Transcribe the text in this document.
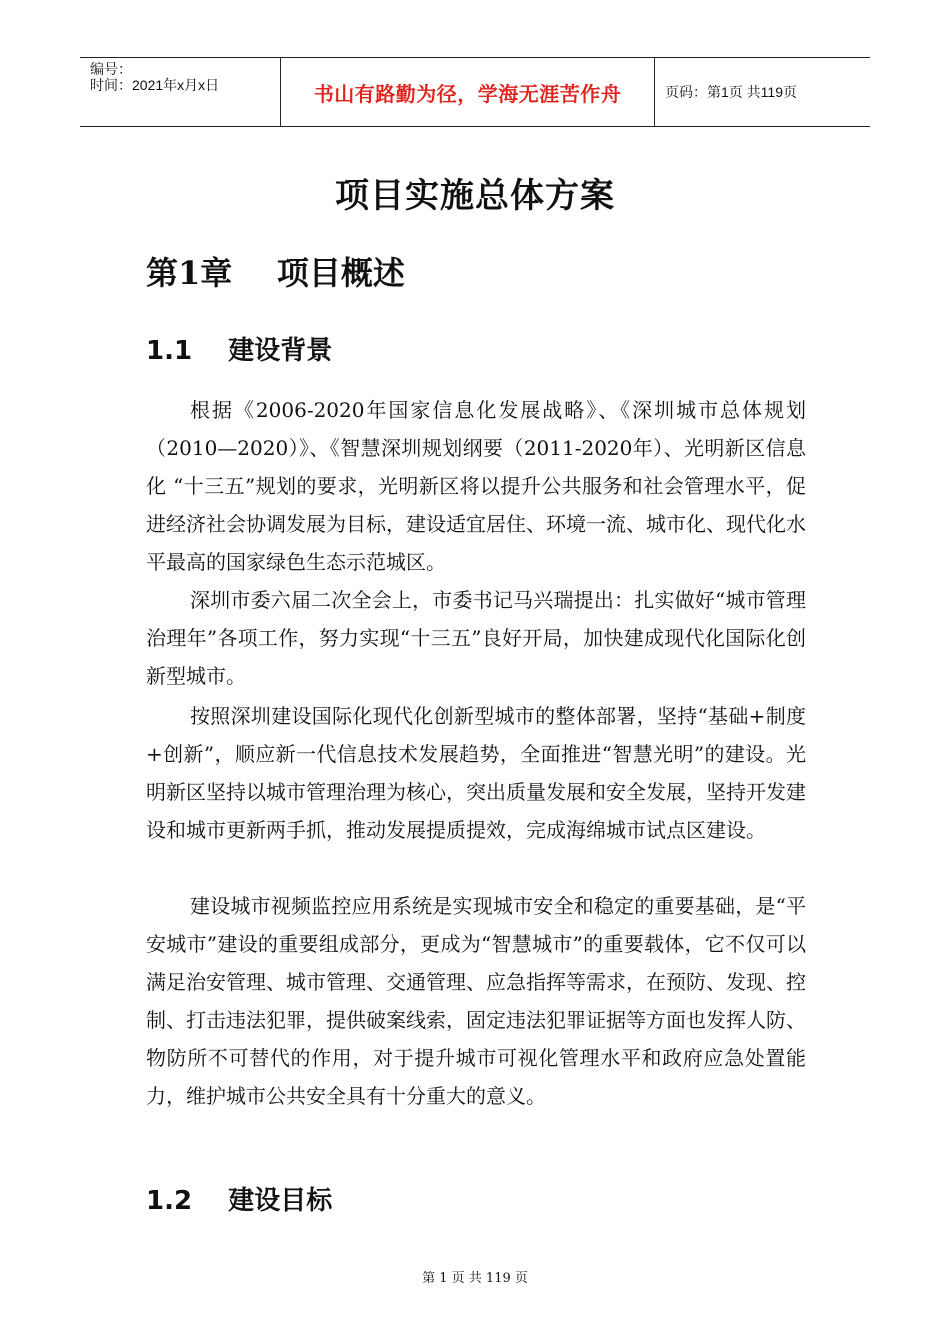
编号：
时间：2021年x月x日	书山有路勤为径，学海无涯苦作舟	页码：第1页 共119页
项目实施总体方案
第1章    项目概述
1.1    建设背景

根据《2006-2020年国家信息化发展战略》、《深圳城市总体规划（2010—2020）》、《智慧深圳规划纲要（2011-2020年）、光明新区信息化 “十三五”规划的要求，光明新区将以提升公共服务和社会管理水平，促进经济社会协调发展为目标，建设适宜居住、环境一流、城市化、现代化水平最高的国家绿色生态示范城区。

深圳市委六届二次全会上，市委书记马兴瑞提出：扎实做好“城市管理治理年”各项工作，努力实现“十三五”良好开局，加快建成现代化国际化创新型城市。

按照深圳建设国际化现代化创新型城市的整体部署，坚持“基础+制度+创新”，顺应新一代信息技术发展趋势，全面推进“智慧光明”的建设。光明新区坚持以城市管理治理为核心，突出质量发展和安全发展，坚持开发建设和城市更新两手抓，推动发展提质提效，完成海绵城市试点区建设。

建设城市视频监控应用系统是实现城市安全和稳定的重要基础，是“平安城市”建设的重要组成部分，更成为“智慧城市”的重要载体，它不仅可以满足治安管理、城市管理、交通管理、应急指挥等需求，在预防、发现、控制、打击违法犯罪，提供破案线索，固定违法犯罪证据等方面也发挥人防、物防所不可替代的作用，对于提升城市可视化管理水平和政府应急处置能力，维护城市公共安全具有十分重大的意义。

1.2    建设目标
第 1 页 共 119 页
